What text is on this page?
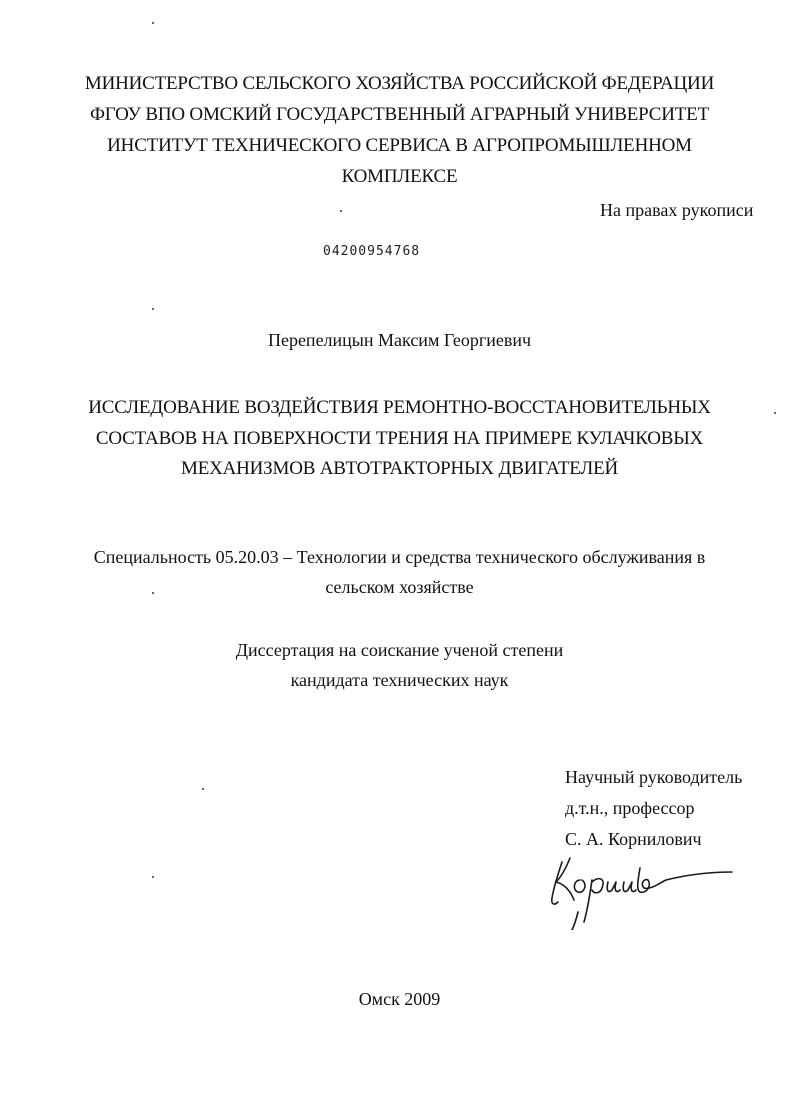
МИНИСТЕРСТВО СЕЛЬСКОГО ХОЗЯЙСТВА РОССИЙСКОЙ ФЕДЕРАЦИИ
ФГОУ ВПО ОМСКИЙ ГОСУДАРСТВЕННЫЙ АГРАРНЫЙ УНИВЕРСИТЕТ
ИНСТИТУТ ТЕХНИЧЕСКОГО СЕРВИСА В АГРОПРОМЫШЛЕННОМ
КОМПЛЕКСЕ
На правах рукописи
04200954768
Перепелицын Максим Георгиевич
ИССЛЕДОВАНИЕ ВОЗДЕЙСТВИЯ РЕМОНТНО-ВОССТАНОВИТЕЛЬНЫХ
СОСТАВОВ НА ПОВЕРХНОСТИ ТРЕНИЯ НА ПРИМЕРЕ КУЛАЧКОВЫХ
МЕХАНИЗМОВ АВТОТРАКТОРНЫХ ДВИГАТЕЛЕЙ
Специальность 05.20.03 – Технологии и средства технического обслуживания в
сельском хозяйстве
Диссертация на соискание ученой степени
кандидата технических наук
Научный руководитель
д.т.н., профессор
С. А. Корнилович
Омск 2009
